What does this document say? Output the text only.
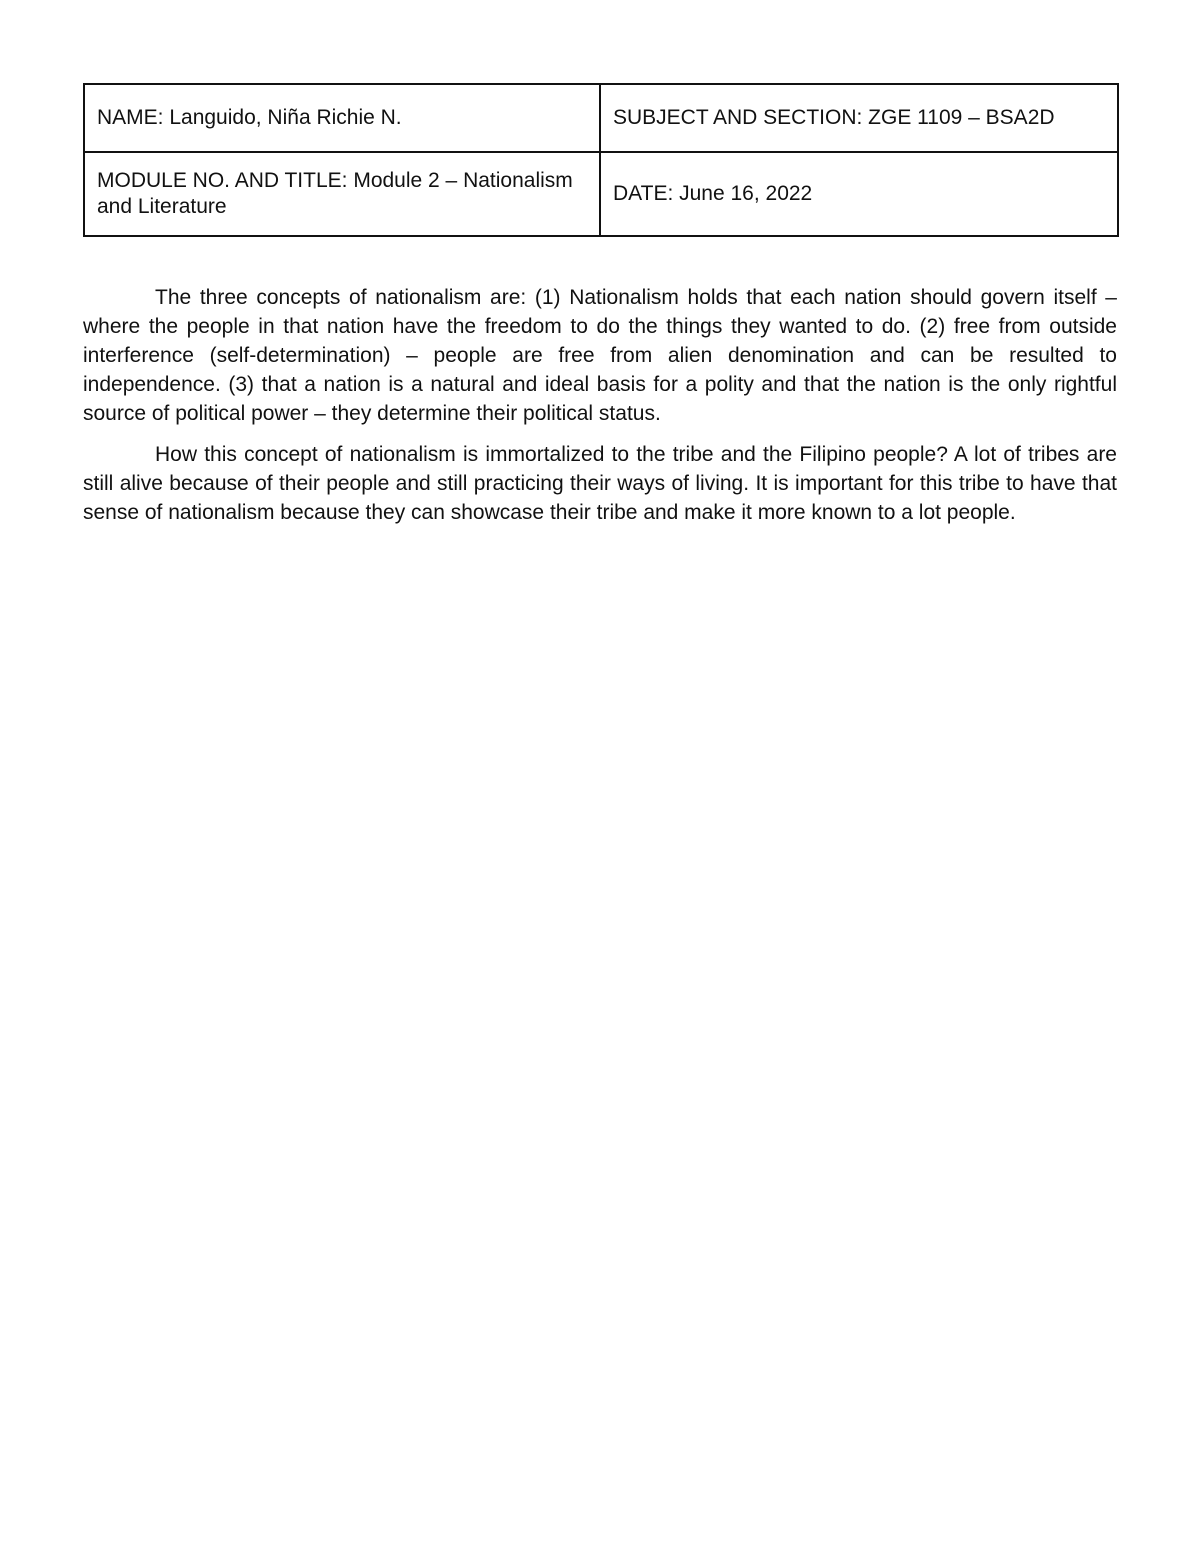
NAME: Languido, Niña Richie N.	SUBJECT AND SECTION: ZGE 1109 – BSA2D
MODULE NO. AND TITLE: Module 2 – Nationalism and Literature	DATE: June 16, 2022

The three concepts of nationalism are: (1) Nationalism holds that each nation should govern itself – where the people in that nation have the freedom to do the things they wanted to do. (2) free from outside interference (self-determination) – people are free from alien denomination and can be resulted to independence. (3) that a nation is a natural and ideal basis for a polity and that the nation is the only rightful source of political power – they determine their political status.

How this concept of nationalism is immortalized to the tribe and the Filipino people? A lot of tribes are still alive because of their people and still practicing their ways of living. It is important for this tribe to have that sense of nationalism because they can showcase their tribe and make it more known to a lot people.
